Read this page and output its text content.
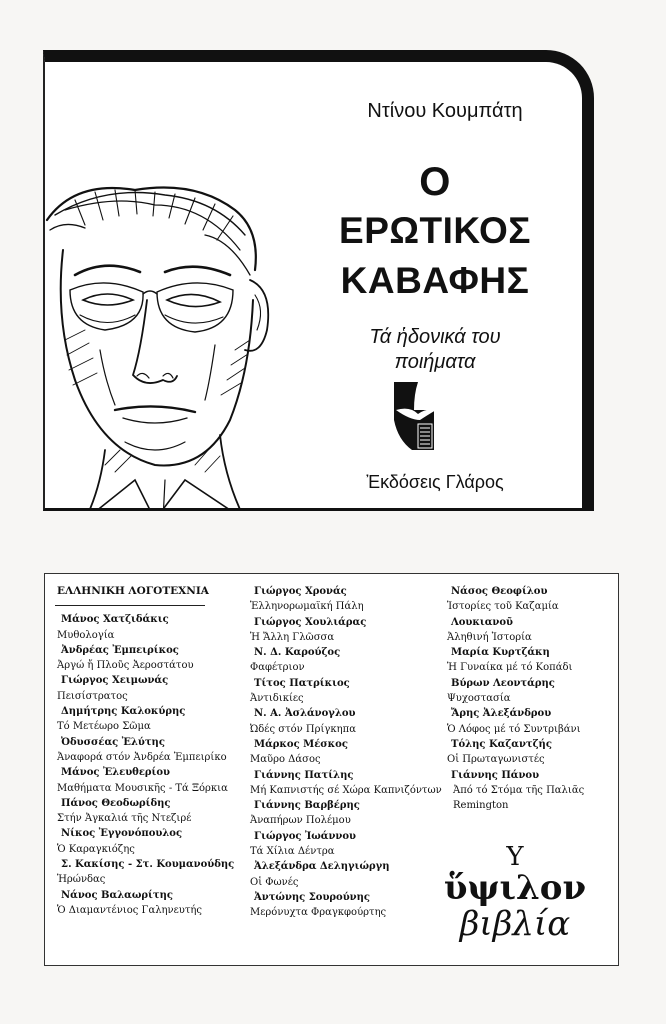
Ντίνου Κουμπάτη
Ο
ΕΡΩΤΙΚΟΣ
ΚΑΒΑΦΗΣ
Τά ἡδονικά του
ποιήματα
Ἐκδόσεις Γλάρος
ΕΛΛΗΝΙΚΗ ΛΟΓΟΤΕΧΝΙΑ
Μάνος Χατζιδάκις
Μυθολογία
Ἀνδρέας Ἐμπειρίκος
Ἀργώ ἤ Πλοῦς Ἀεροστάτου
Γιώργος Χειμωνάς
Πεισίστρατος
Δημήτρης Καλοκύρης
Τό Μετέωρο Σῶμα
Ὀδυσσέας Ἐλύτης
Ἀναφορά στόν Ἀνδρέα Ἐμπειρίκο
Μάνος Ἐλευθερίου
Μαθήματα Μουσικῆς - Τά Ξόρκια
Πάνος Θεοδωρίδης
Στήν Ἀγκαλιά τῆς Ντεζιρέ
Νίκος Ἐγγονόπουλος
Ὁ Καραγκιόζης
Σ. Κακίσης - Στ. Κουμανούδης
Ἡρώνδας
Νάνος Βαλαωρίτης
Ὁ Διαμαντένιος Γαληνευτής
Γιώργος Χρονάς
Ἑλληνορωμαϊκή Πάλη
Γιώργος Χουλιάρας
Ἡ Ἄλλη Γλῶσσα
Ν. Δ. Καρούζος
Φαφέτριον
Τίτος Πατρίκιος
Ἀντιδικίες
Ν. Α. Ἀσλάνογλου
Ὠδές στόν Πρίγκηπα
Μάρκος Μέσκος
Μαῦρο Δάσος
Γιάννης Πατίλης
Μή Καπνιστής σέ Χώρα Καπνιζόντων
Γιάννης Βαρβέρης
Ἀναπήρων Πολέμου
Γιώργος Ἰωάννου
Τά Χίλια Δέντρα
Ἀλεξάνδρα Δεληγιώργη
Οἱ Φωνές
Ἀντώνης Σουρούνης
Μερόνυχτα Φραγκφούρτης
Νάσος Θεοφίλου
Ἱστορίες τοῦ Καζαμία
Λουκιανοῦ
Ἀληθινή Ἱστορία
Μαρία Κυρτζάκη
Ἡ Γυναίκα μέ τό Κοπάδι
Βύρων Λεοντάρης
Ψυχοστασία
Ἄρης Ἀλεξάνδρου
Ὁ Λόφος μέ τό Συντριβάνι
Τόλης Καζαντζής
Οἱ Πρωταγωνιστές
Γιάννης Πάνου
Ἀπό τό Στόμα τῆς Παλιᾶς
Remington
Υ
ὕψιλον
βιβλία
